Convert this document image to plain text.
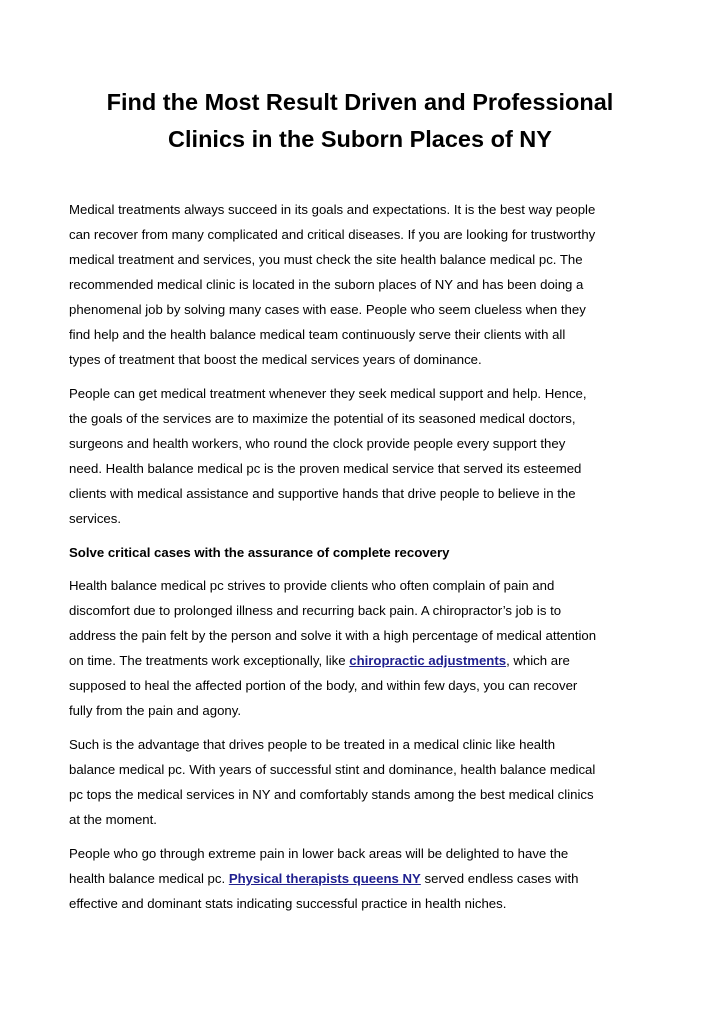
Find the Most Result Driven and Professional
Clinics in the Suborn Places of NY

Medical treatments always succeed in its goals and expectations. It is the best way people
can recover from many complicated and critical diseases. If you are looking for trustworthy
medical treatment and services, you must check the site health balance medical pc. The
recommended medical clinic is located in the suborn places of NY and has been doing a
phenomenal job by solving many cases with ease. People who seem clueless when they
find help and the health balance medical team continuously serve their clients with all
types of treatment that boost the medical services years of dominance.

People can get medical treatment whenever they seek medical support and help. Hence,
the goals of the services are to maximize the potential of its seasoned medical doctors,
surgeons and health workers, who round the clock provide people every support they
need. Health balance medical pc is the proven medical service that served its esteemed
clients with medical assistance and supportive hands that drive people to believe in the
services.

Solve critical cases with the assurance of complete recovery

Health balance medical pc strives to provide clients who often complain of pain and
discomfort due to prolonged illness and recurring back pain. A chiropractor’s job is to
address the pain felt by the person and solve it with a high percentage of medical attention
on time. The treatments work exceptionally, like chiropractic adjustments, which are
supposed to heal the affected portion of the body, and within few days, you can recover
fully from the pain and agony.

Such is the advantage that drives people to be treated in a medical clinic like health
balance medical pc. With years of successful stint and dominance, health balance medical
pc tops the medical services in NY and comfortably stands among the best medical clinics
at the moment.

People who go through extreme pain in lower back areas will be delighted to have the
health balance medical pc. Physical therapists queens NY served endless cases with
effective and dominant stats indicating successful practice in health niches.
